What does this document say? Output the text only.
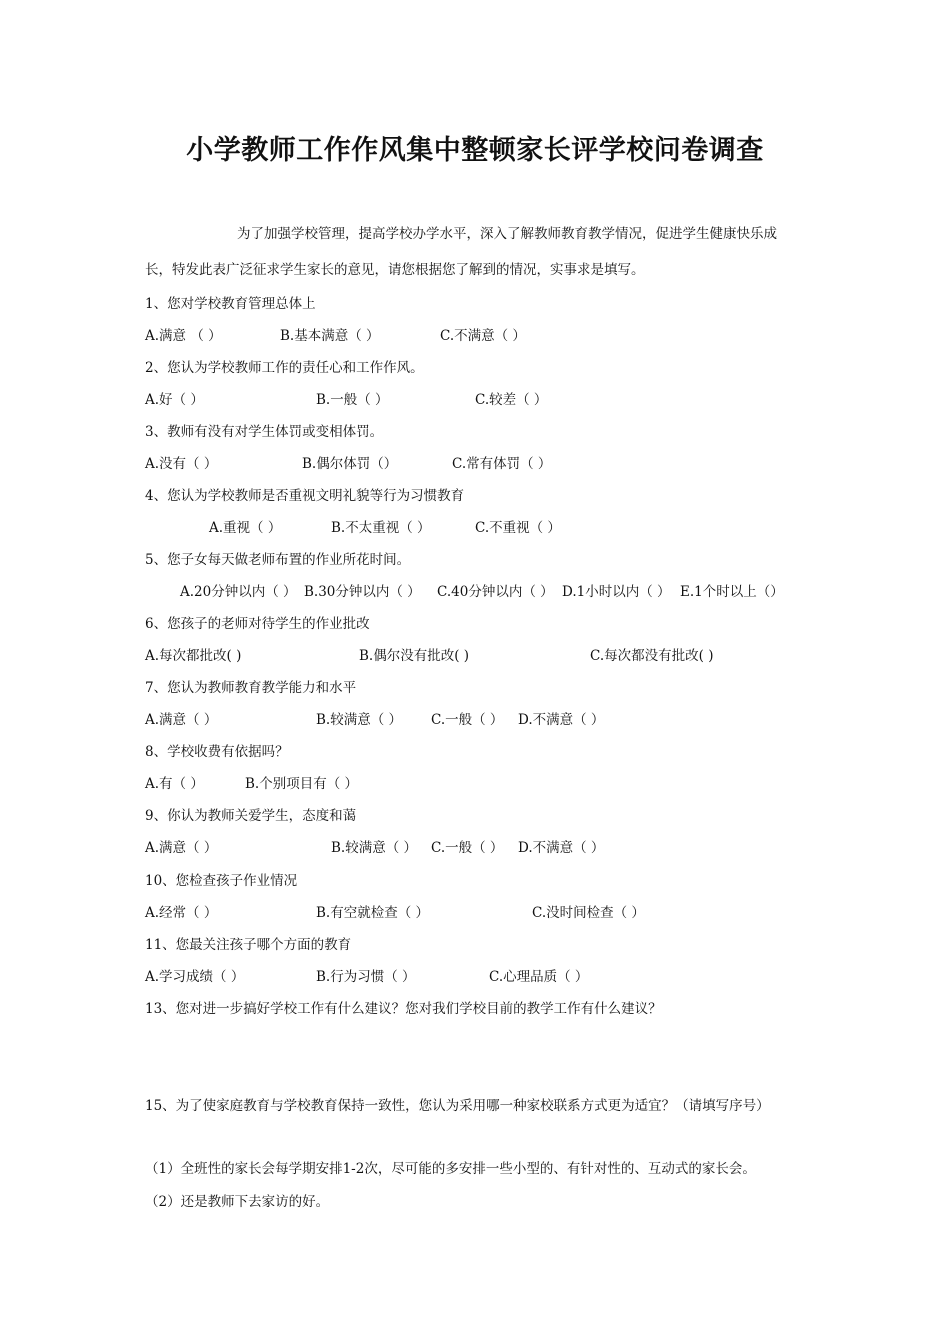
小学教师工作作风集中整顿家长评学校问卷调查
为了加强学校管理，提高学校办学水平，深入了解教师教育教学情况，促进学生健康快乐成
长，特发此表广泛征求学生家长的意见，请您根据您了解到的情况，实事求是填写。
1、您对学校教育管理总体上
A.满意 （ ）	B.基本满意（ ）	C.不满意（ ）
2、您认为学校教师工作的责任心和工作作风。
A.好（ ）	B.一般（ ）	C.较差（ ）
3、教师有没有对学生体罚或变相体罚。
A.没有（ ）	B.偶尔体罚（）	C.常有体罚（ ）
4、您认为学校教师是否重视文明礼貌等行为习惯教育
A.重视（ ）	B.不太重视（ ）	C.不重视（ ）
5、您子女每天做老师布置的作业所花时间。
A.20分钟以内（ ） B.30分钟以内（ ） C.40分钟以内（ ） D.1小时以内（ ） E.1个时以上（）
6、您孩子的老师对待学生的作业批改
A.每次都批改( )	B.偶尔没有批改( )	C.每次都没有批改( )
7、您认为教师教育教学能力和水平
A.满意（ ）	B.较满意（ ） C.一般（ ） D.不满意（ ）
8、学校收费有依据吗？
A.有（ ）	B.个别项目有（ ）
9、你认为教师关爱学生，态度和蔼
A.满意（ ）	B.较满意（ ） C.一般（ ） D.不满意（ ）
10、您检查孩子作业情况
A.经常（ ）	B.有空就检查（ ）	C.没时间检查（ ）
11、您最关注孩子哪个方面的教育
A.学习成绩（ ）	B.行为习惯（ ）	C.心理品质（ ）
13、您对进一步搞好学校工作有什么建议？您对我们学校目前的教学工作有什么建议？
15、为了使家庭教育与学校教育保持一致性，您认为采用哪一种家校联系方式更为适宜？（请填写序号）
（1）全班性的家长会每学期安排1-2次，尽可能的多安排一些小型的、有针对性的、互动式的家长会。
（2）还是教师下去家访的好。
